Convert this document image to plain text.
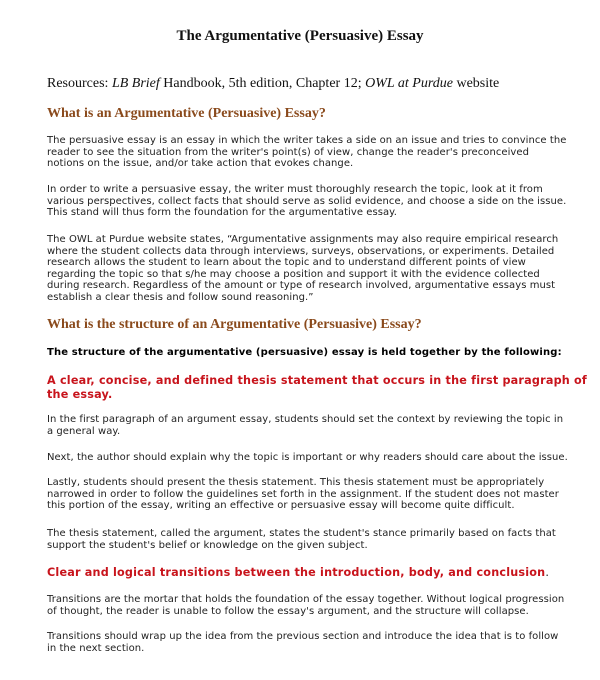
The Argumentative (Persuasive) Essay
Resources: LB Brief Handbook, 5th edition, Chapter 12; OWL at Purdue website
What is an Argumentative (Persuasive) Essay?
The persuasive essay is an essay in which the writer takes a side on an issue and tries to convince the
reader to see the situation from the writer's point(s) of view, change the reader's preconceived
notions on the issue, and/or take action that evokes change.
In order to write a persuasive essay, the writer must thoroughly research the topic, look at it from
various perspectives, collect facts that should serve as solid evidence, and choose a side on the issue.
This stand will thus form the foundation for the argumentative essay.
The OWL at Purdue website states, “Argumentative assignments may also require empirical research
where the student collects data through interviews, surveys, observations, or experiments. Detailed
research allows the student to learn about the topic and to understand different points of view
regarding the topic so that s/he may choose a position and support it with the evidence collected
during research. Regardless of the amount or type of research involved, argumentative essays must
establish a clear thesis and follow sound reasoning.”
What is the structure of an Argumentative (Persuasive) Essay?
The structure of the argumentative (persuasive) essay is held together by the following:
A clear, concise, and defined thesis statement that occurs in the first paragraph of
the essay.
In the first paragraph of an argument essay, students should set the context by reviewing the topic in
a general way.
Next, the author should explain why the topic is important or why readers should care about the issue.
Lastly, students should present the thesis statement. This thesis statement must be appropriately
narrowed in order to follow the guidelines set forth in the assignment. If the student does not master
this portion of the essay, writing an effective or persuasive essay will become quite difficult.
The thesis statement, called the argument, states the student's stance primarily based on facts that
support the student's belief or knowledge on the given subject.
Clear and logical transitions between the introduction, body, and conclusion.
Transitions are the mortar that holds the foundation of the essay together. Without logical progression
of thought, the reader is unable to follow the essay's argument, and the structure will collapse.
Transitions should wrap up the idea from the previous section and introduce the idea that is to follow
in the next section.
